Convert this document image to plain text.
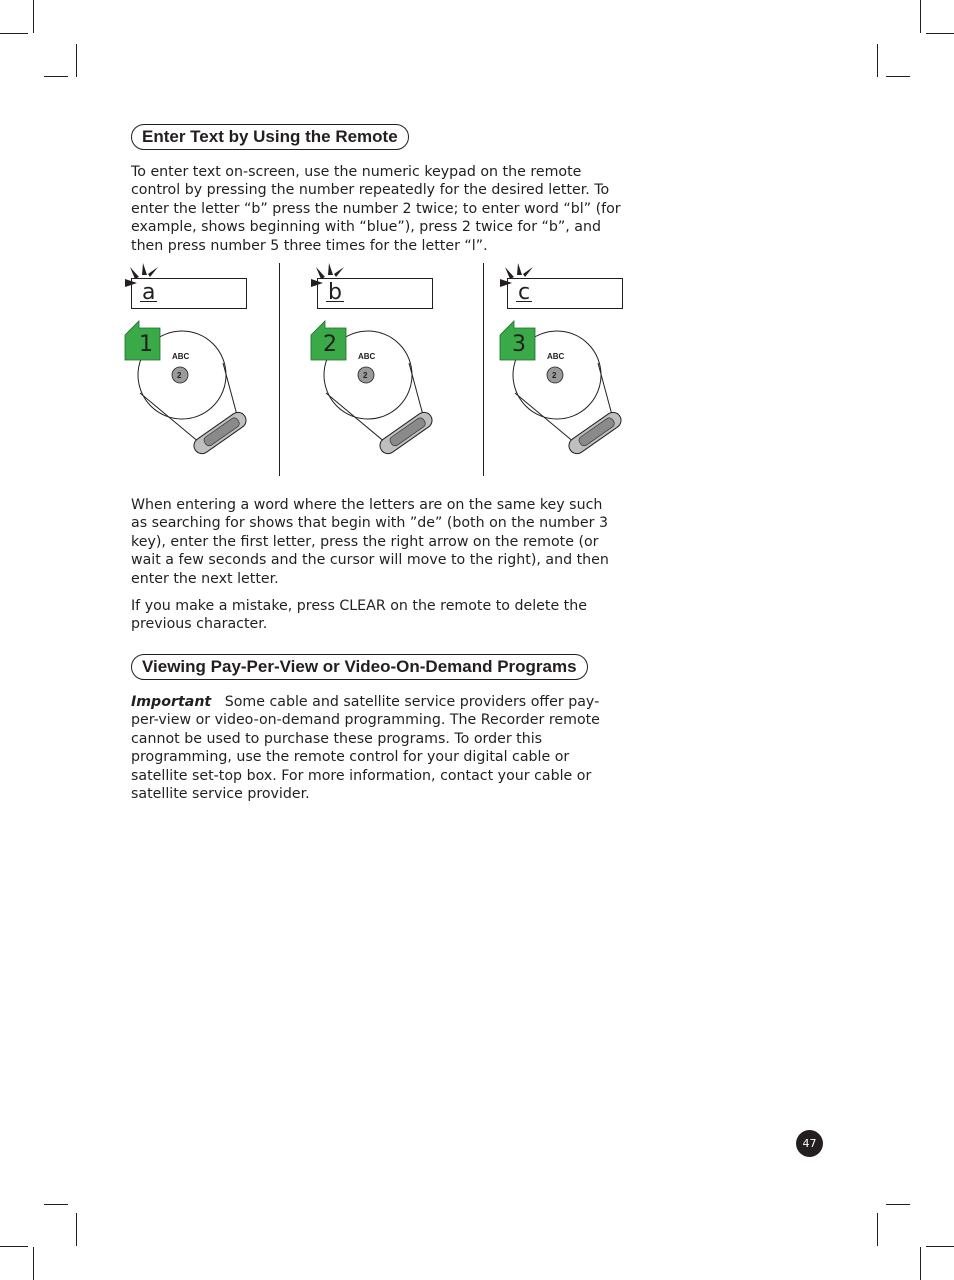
Enter Text by Using the Remote

To enter text on-screen, use the numeric keypad on the remote control by pressing the number repeatedly for the desired letter. To enter the letter “b” press the number 2 twice; to enter word “bl” (for example, shows beginning with “blue”), press 2 twice for “b”, and then press number 5 three times for the letter “l”.

a
ABC
2
1
b
ABC
2
2
c
ABC
2
3

When entering a word where the letters are on the same key such as searching for shows that begin with ”de” (both on the number 3 key), enter the first letter, press the right arrow on the remote (or wait a few seconds and the cursor will move to the right), and then enter the next letter.

If you make a mistake, press CLEAR on the remote to delete the previous character.

Viewing Pay-Per-View or Video-On-Demand Programs

Important Some cable and satellite service providers offer pay-per-view or video-on-demand programming. The Recorder remote cannot be used to purchase these programs. To order this programming, use the remote control for your digital cable or satellite set-top box. For more information, contact your cable or satellite service provider.

47
